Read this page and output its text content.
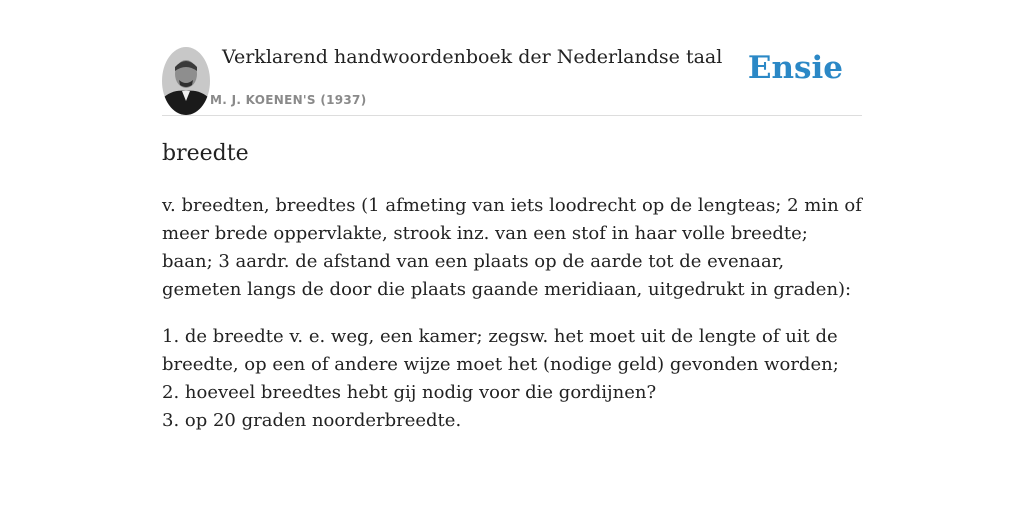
Verklarend handwoordenboek der Nederlandse taal
M. J. KOENEN'S (1937)
Ensie
breedte

v. breedten, breedtes (1 afmeting van iets loodrecht op de lengteas; 2 min of meer brede oppervlakte, strook inz. van een stof in haar volle breedte; baan; 3 aardr. de afstand van een plaats op de aarde tot de evenaar, gemeten langs de door die plaats gaande meridiaan, uitgedrukt in graden):

1. de breedte v. e. weg, een kamer; zegsw. het moet uit de lengte of uit de breedte, op een of andere wijze moet het (nodige geld) gevonden worden;
2. hoeveel breedtes hebt gij nodig voor die gordijnen?
3. op 20 graden noorderbreedte.
